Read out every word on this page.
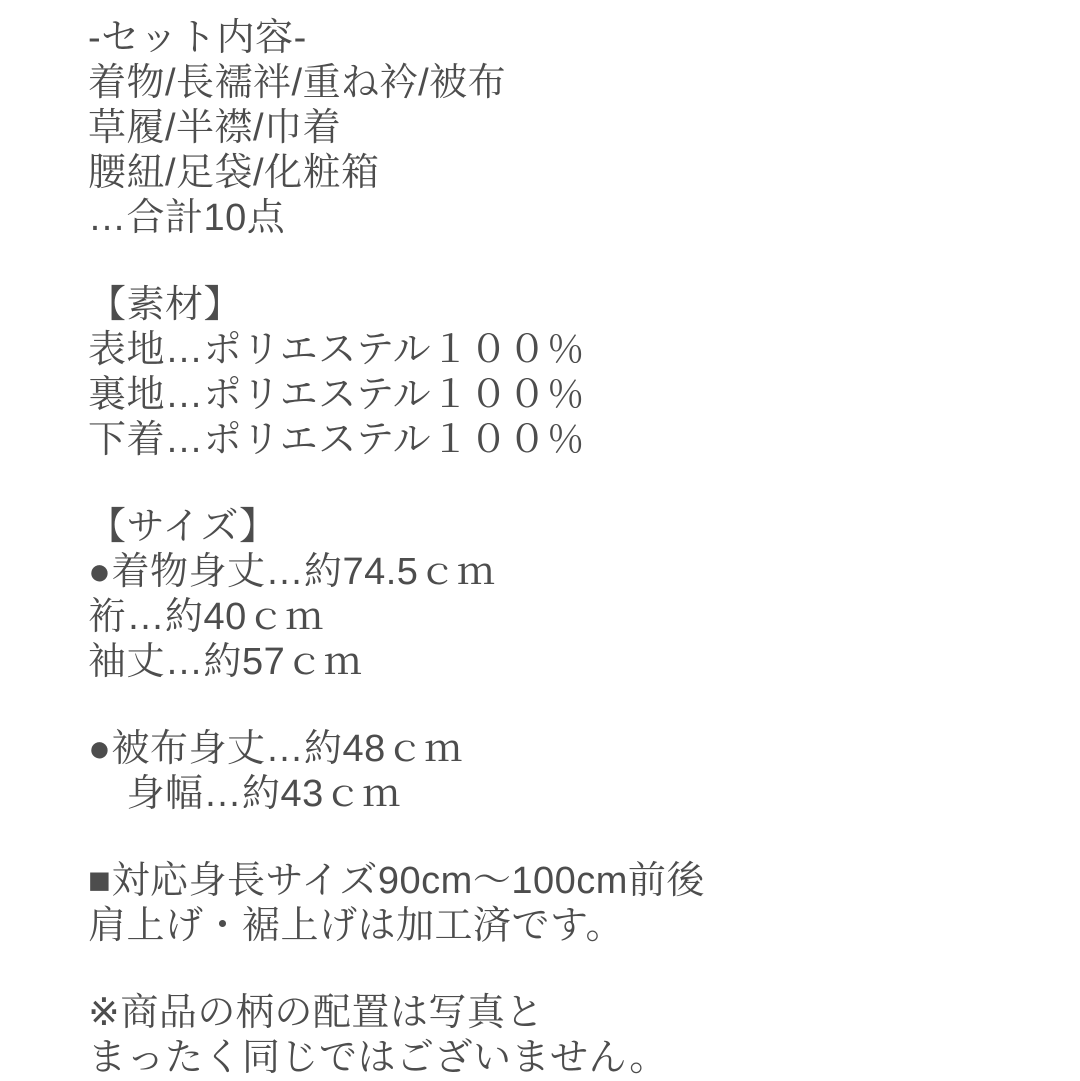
-セット内容-
着物/長襦袢/重ね衿/被布
草履/半襟/巾着
腰紐/足袋/化粧箱
…合計10点
【素材】
表地…ポリエステル１００％
裏地…ポリエステル１００％
下着…ポリエステル１００％
【サイズ】
●着物身丈…約74.5ｃｍ
裄…約40ｃｍ
袖丈…約57ｃｍ
●被布身丈…約48ｃｍ
　身幅…約43ｃｍ
■対応身長サイズ90cm〜100cm前後
肩上げ・裾上げは加工済です。
※商品の柄の配置は写真と
まったく同じではございません。
